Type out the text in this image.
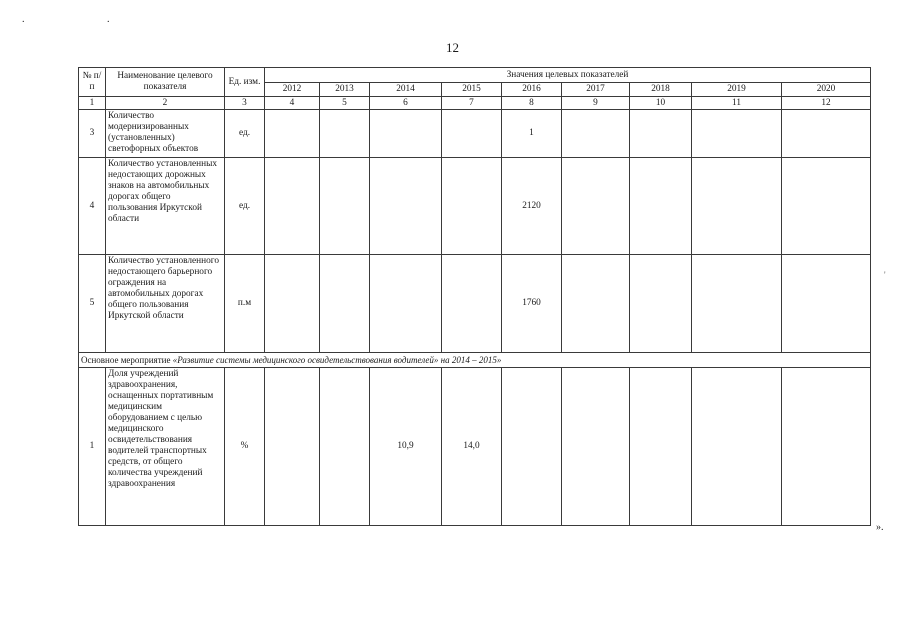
. .
12
'
№ п/п	Наименование целевого показателя	Ед. изм.	Значения целевых показателей								
			2012	2013	2014	2015	2016	2017	2018	2019	2020
1	2	3	4	5	6	7	8	9	10	11	12
3	Количество модернизированных (установленных) светофорных объектов	ед.					1				
4	Количество установленных недостающих дорожных знаков на автомобильных дорогах общего пользования Иркутской области	ед.					2120				
5	Количество установленного недостающего барьерного ограждения на автомобильных дорогах общего пользования Иркутской области	п.м					1760				
Основное мероприятие «Развитие системы медицинского освидетельствования водителей» на 2014 – 2015»											
1	Доля учреждений здравоохранения, оснащенных портативным медицинским оборудованием с целью медицинского освидетельствования водителей транспортных средств, от общего количества учреждений здравоохранения	%			10,9	14,0					
».
